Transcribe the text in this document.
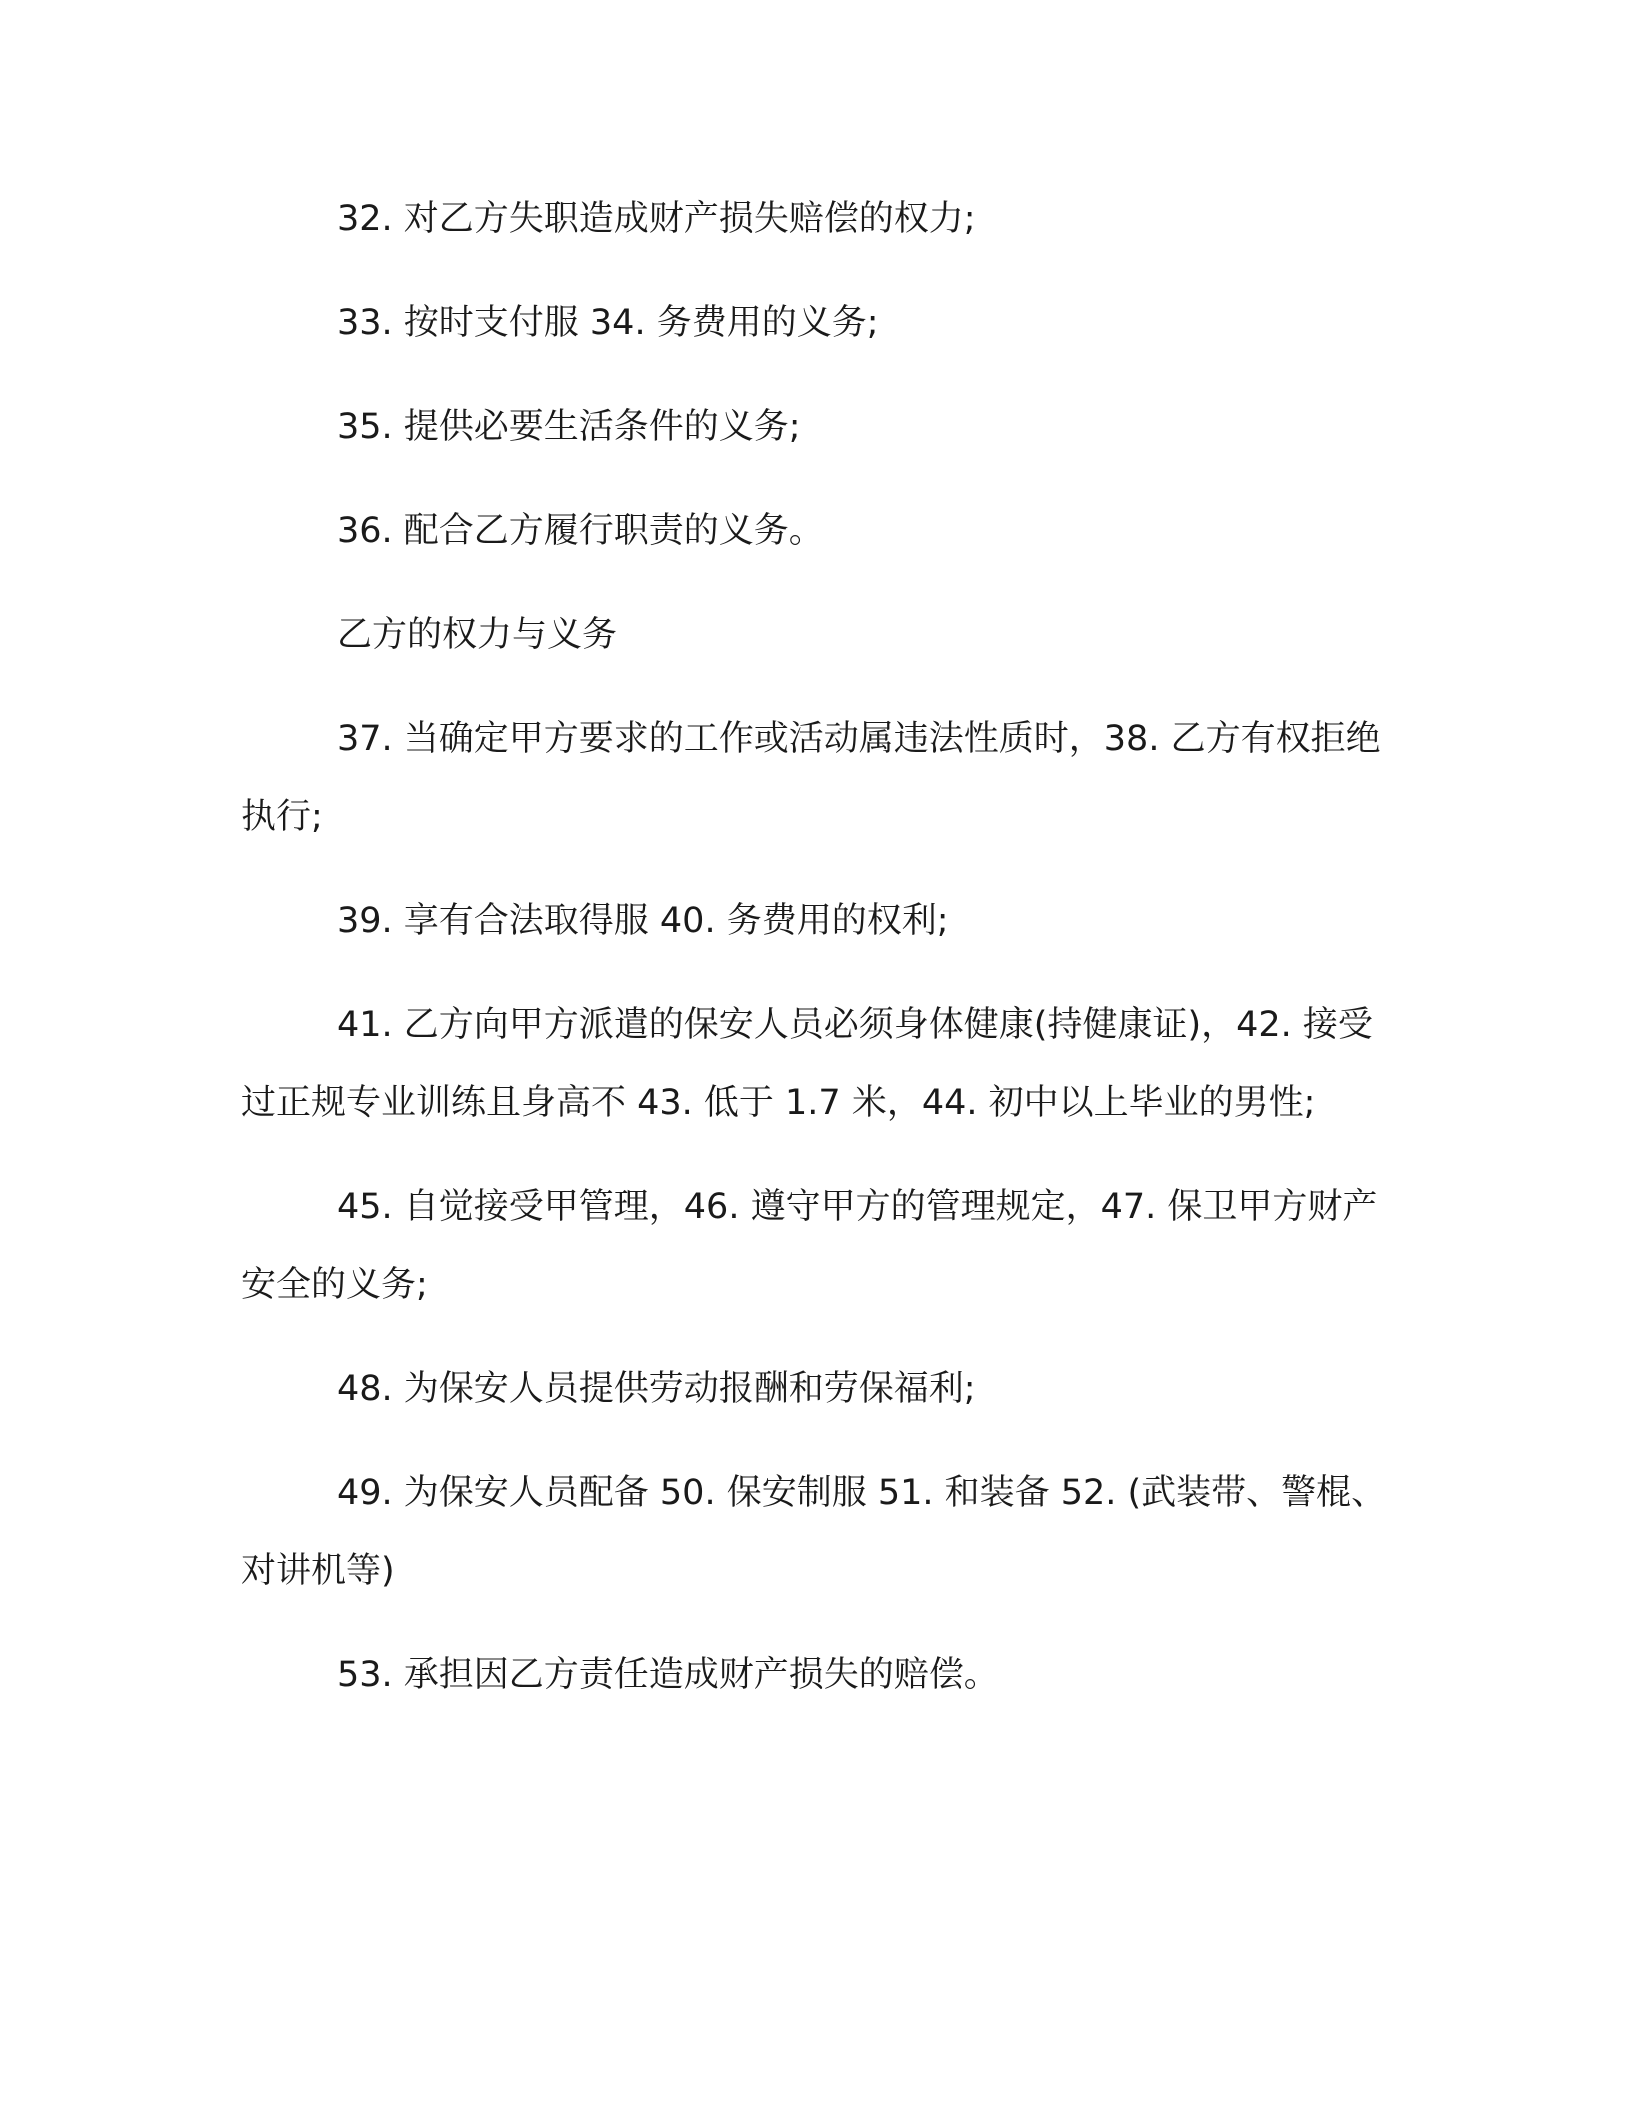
32. 对乙方失职造成财产损失赔偿的权力;

33. 按时支付服 34. 务费用的义务;

35. 提供必要生活条件的义务;

36. 配合乙方履行职责的义务。

乙方的权力与义务

37. 当确定甲方要求的工作或活动属违法性质时，38. 乙方有权拒绝执行;

39. 享有合法取得服 40. 务费用的权利;

41. 乙方向甲方派遣的保安人员必须身体健康(持健康证)，42. 接受过正规专业训练且身高不 43. 低于 1.7 米，44. 初中以上毕业的男性;

45. 自觉接受甲管理，46. 遵守甲方的管理规定，47. 保卫甲方财产安全的义务;

48. 为保安人员提供劳动报酬和劳保福利;

49. 为保安人员配备 50. 保安制服 51. 和装备 52. (武装带、警棍、对讲机等)

53. 承担因乙方责任造成财产损失的赔偿。
